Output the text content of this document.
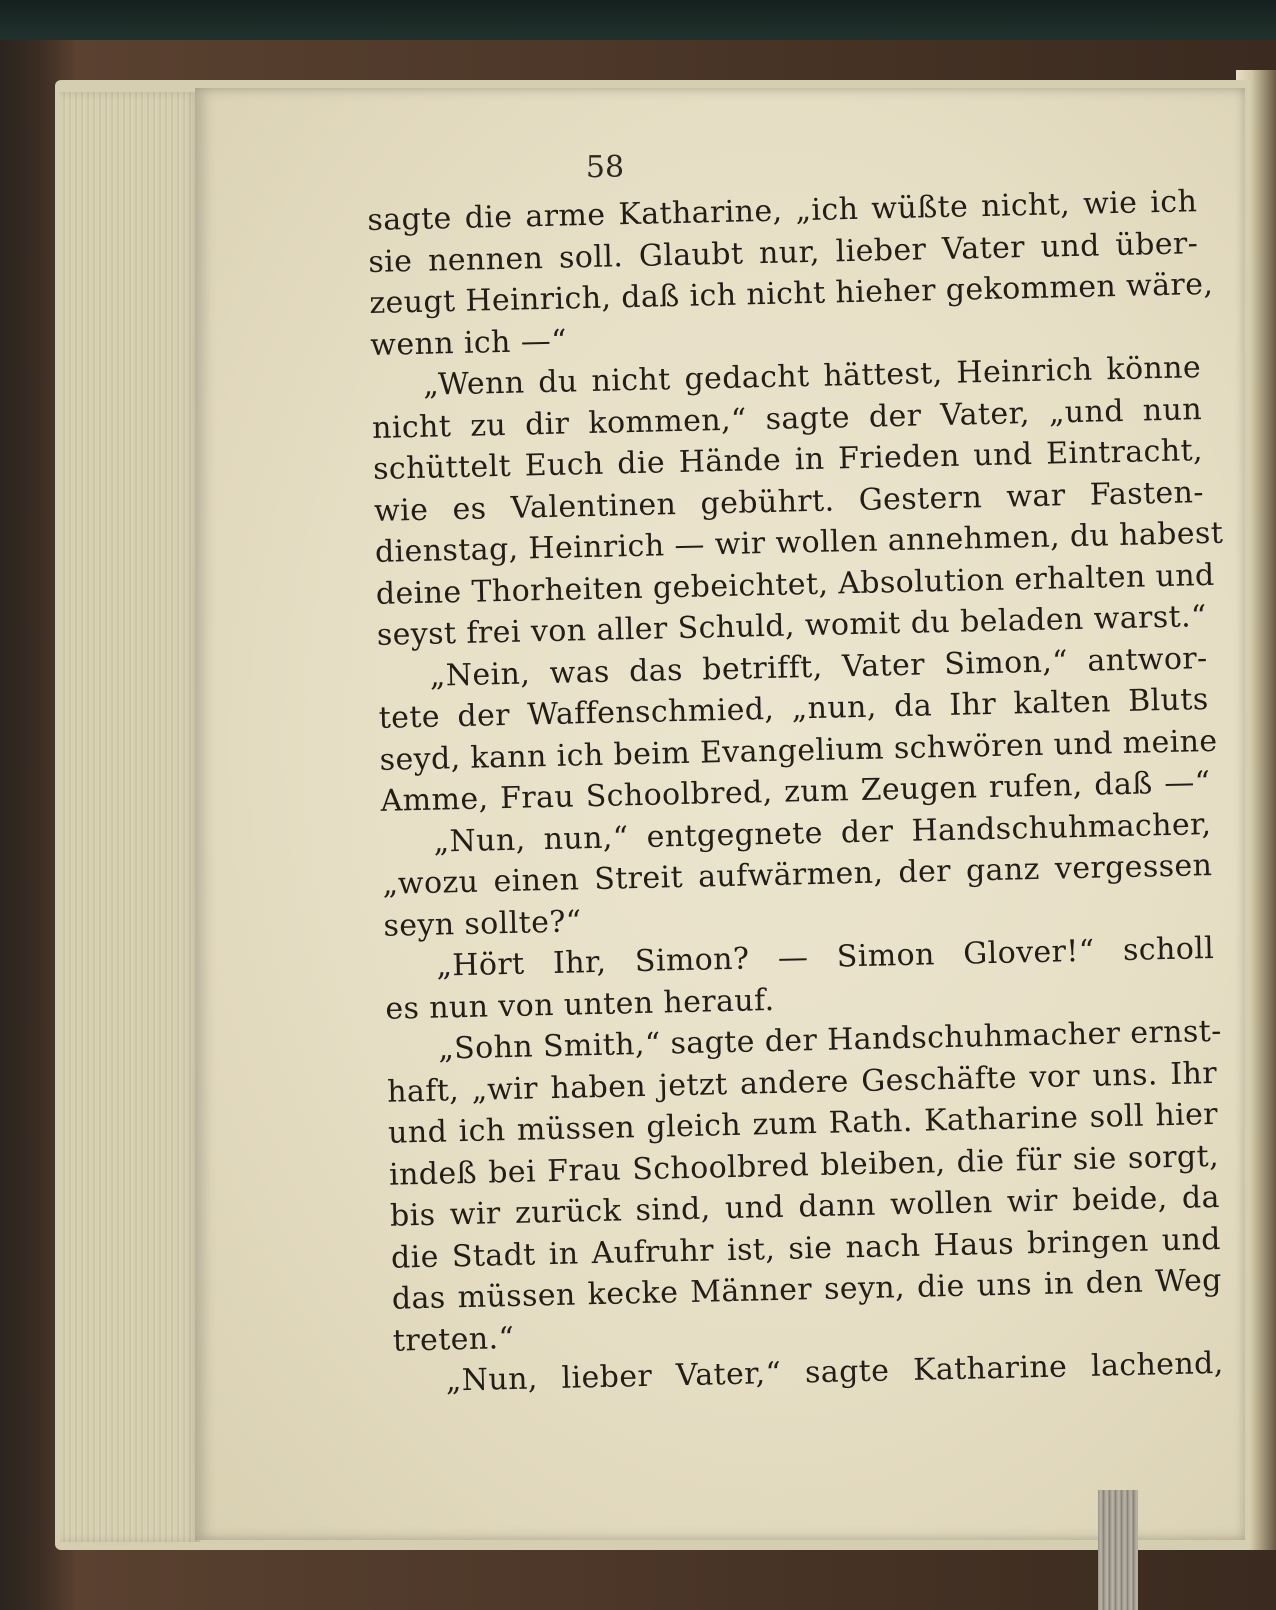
58
sagte die arme Katharine, „ich wüßte nicht, wie ich
sie nennen soll. Glaubt nur, lieber Vater und über-
zeugt Heinrich, daß ich nicht hieher gekommen wäre,
wenn ich —“
„Wenn du nicht gedacht hättest, Heinrich könne
nicht zu dir kommen,“ sagte der Vater, „und nun
schüttelt Euch die Hände in Frieden und Eintracht,
wie es Valentinen gebührt. Gestern war Fasten-
dienstag, Heinrich — wir wollen annehmen, du habest
deine Thorheiten gebeichtet, Absolution erhalten und
seyst frei von aller Schuld, womit du beladen warst.“
„Nein, was das betrifft, Vater Simon,“ antwor-
tete der Waffenschmied, „nun, da Ihr kalten Bluts
seyd, kann ich beim Evangelium schwören und meine
Amme, Frau Schoolbred, zum Zeugen rufen, daß —“
„Nun, nun,“ entgegnete der Handschuhmacher,
„wozu einen Streit aufwärmen, der ganz vergessen
seyn sollte?“
„Hört Ihr, Simon? — Simon Glover!“ scholl
es nun von unten herauf.
„Sohn Smith,“ sagte der Handschuhmacher ernst-
haft, „wir haben jetzt andere Geschäfte vor uns. Ihr
und ich müssen gleich zum Rath. Katharine soll hier
indeß bei Frau Schoolbred bleiben, die für sie sorgt,
bis wir zurück sind, und dann wollen wir beide, da
die Stadt in Aufruhr ist, sie nach Haus bringen und
das müssen kecke Männer seyn, die uns in den Weg
treten.“
„Nun, lieber Vater,“ sagte Katharine lachend,
